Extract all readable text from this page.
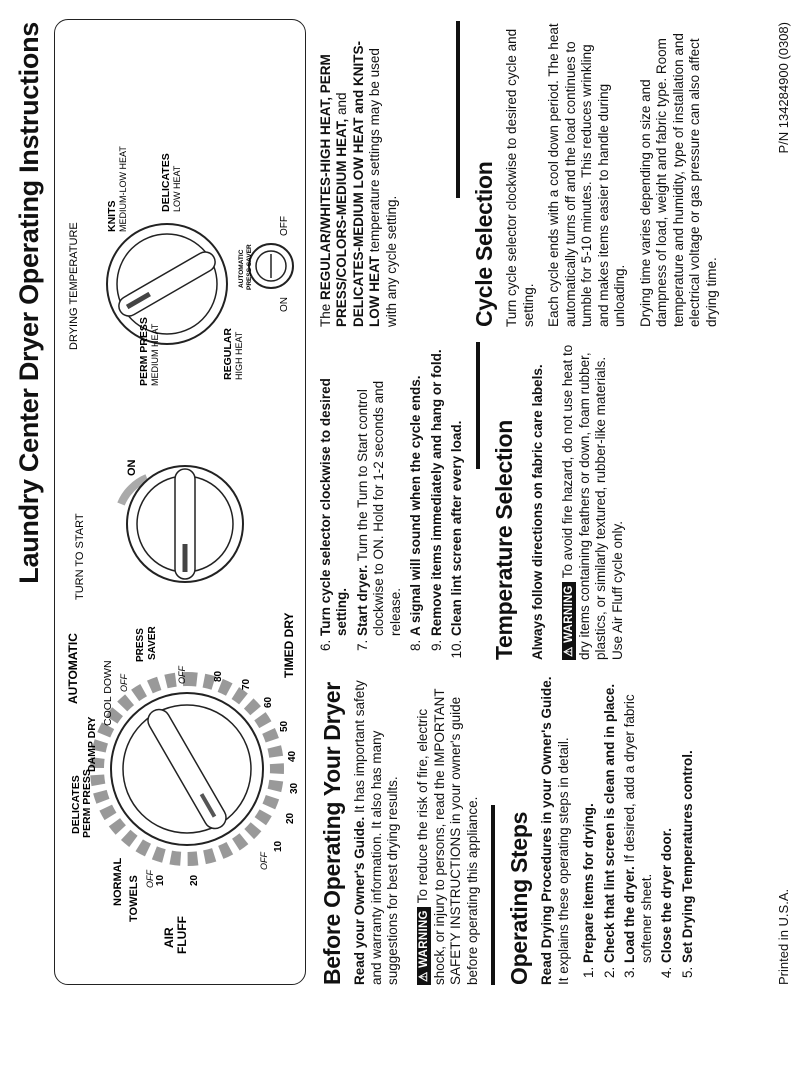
Laundry Center Dryer Operating Instructions
AIR FLUFF
TOWELS
NORMAL
DELICATES PERM PRESS
DAMP DRY
COOL DOWN
PRESS SAVER
AUTOMATIC	TIMED DRY
OFF
OFF
OFF	OFF
10 20
10
20
30
40
50
60
70
80
TURN TO START
ON
DRYING TEMPERATURE
REGULAR HIGH HEAT
PERM PRESS MEDIUM HEAT
KNITS MEDIUM-LOW HEAT	DELICATES LOW HEAT
AUTOMATIC PRESS SAVER
ON
OFF
Before Operating Your Dryer Read your Owner's Guide. It has important safety and warranty information. It also has many suggestions for best drying results. ⚠ WARNINGTo reduce the risk of fire, electric shock, or injury to persons, read the IMPORTANT SAFETY INSTRUCTIONS in your owner's guide before operating this appliance. Operating Steps Read Drying Procedures in your Owner's Guide. It explains these operating steps in detail. 1. Prepare items for drying. 2. Check that lint screen is clean and in place. 3. Load the dryer. If desired, add a dryer fabric softener sheet. 4. Close the dryer door. 5. Set Drying Temperatures control.
6. Turn cycle selector clockwise to desired setting. 7. Start dryer. Turn the Turn to Start control clockwise to ON. Hold for 1-2 seconds and release. 8. A signal will sound when the cycle ends. 9. Remove items immediately and hang or fold. 10. Clean lint screen after every load. Temperature Selection Always follow directions on fabric care labels. ⚠ WARNINGTo avoid fire hazard, do not use heat to dry items containing feathers or down, foam rubber, plastics, or similarly textured, rubber-like materials. Use Air Fluff cycle only.

The REGULAR/WHITES-HIGH HEAT, PERM PRESS/COLORS-MEDIUM HEAT, and DELICATES-MEDIUM LOW HEAT and KNITS-LOW HEAT temperature settings may be used with any cycle setting.	Cycle Selection Turn cycle selector clockwise to desired cycle and setting. Each cycle ends with a cool down period. The heat automatically turns off and the load continues to tumble for 5-10 minutes. This reduces wrinkling and makes items easier to handle during unloading. Drying time varies depending on size and dampness of load, weight and fabric type. Room temperature and humidity, type of installation and electrical voltage or gas pressure can also affect drying time.

Printed in U.S.A.
P/N 134284900 (0308)
